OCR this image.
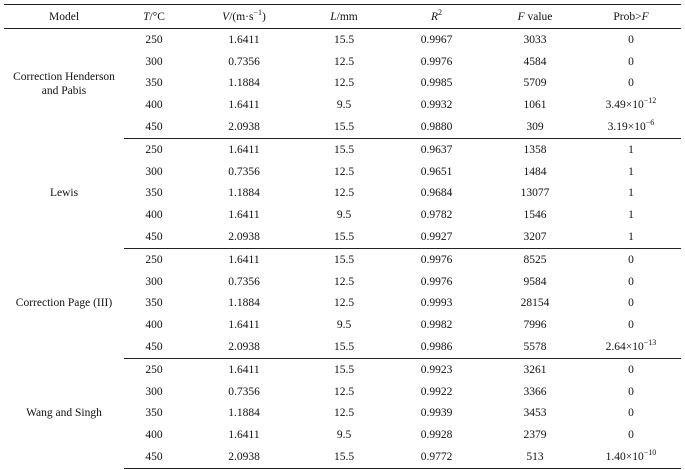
Model	T/°C	$V/(m\cdot s^{-1})$	L/mm	$R^2$	F value	Prob>F
Correction Henderson and Pabis	250	1.6411	15.5	0.9967	3033	0
	300	0.7356	12.5	0.9976	4584	0
	350	1.1884	12.5	0.9985	5709	0
	400	1.6411	9.5	0.9932	1061	$3.49\times 10^{-12}$
	450	2.0938	15.5	0.9880	309	$3.19\times 10^{-6}$
Lewis	250	1.6411	15.5	0.9637	1358	1
	300	0.7356	12.5	0.9651	1484	1
	350	1.1884	12.5	0.9684	13077	1
	400	1.6411	9.5	0.9782	1546	1
	450	2.0938	15.5	0.9927	3207	1
Correction Page (III)	250	1.6411	15.5	0.9976	8525	0
	300	0.7356	12.5	0.9976	9584	0
	350	1.1884	12.5	0.9993	28154	0
	400	1.6411	9.5	0.9982	7996	0
	450	2.0938	15.5	0.9986	5578	$2.64\times 10^{-13}$
Wang and Singh	250	1.6411	15.5	0.9923	3261	0
	300	0.7356	12.5	0.9922	3366	0
	350	1.1884	12.5	0.9939	3453	0
	400	1.6411	9.5	0.9928	2379	0
	450	2.0938	15.5	0.9772	513	$1.40\times 10^{-10}$
